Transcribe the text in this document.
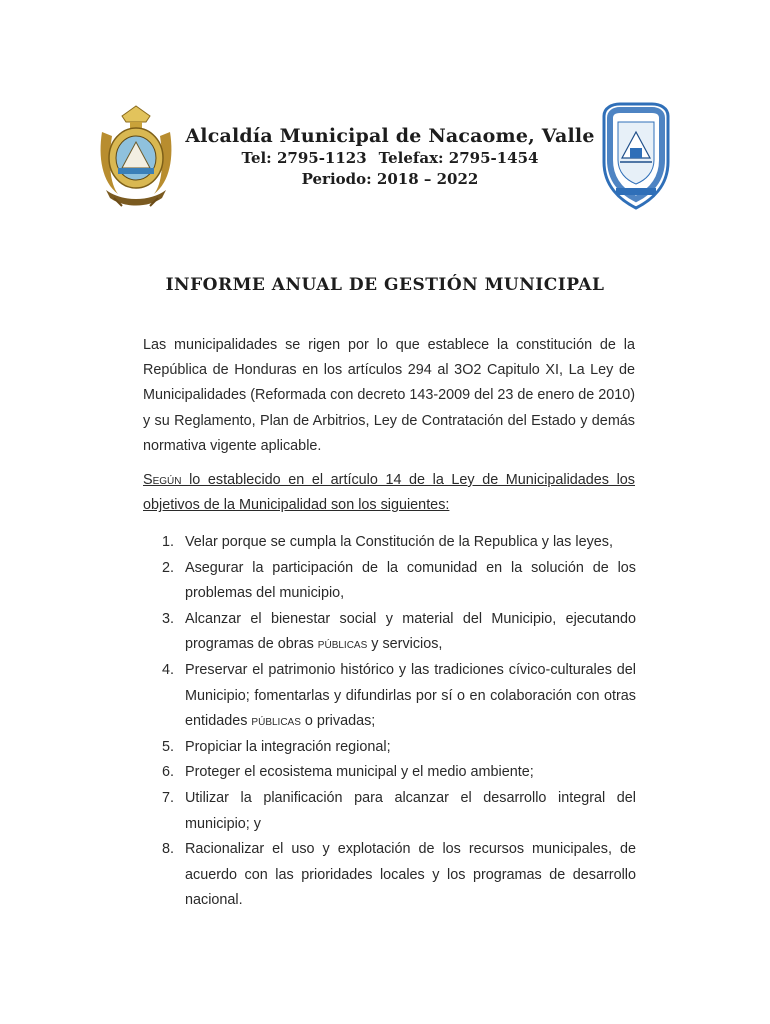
Alcaldía Municipal de Nacaome, Valle
Tel: 2795-1123 Telefax: 2795-1454
Periodo: 2018 – 2022
INFORME ANUAL DE GESTIÓN MUNICIPAL
Las municipalidades se rigen por lo que establece la constitución de la República de Honduras en los artículos 294 al 3O2 Capitulo XI, La Ley de Municipalidades (Reformada con decreto 143-2009 del 23 de enero de 2010) y su Reglamento, Plan de Arbitrios, Ley de Contratación del Estado y demás normativa vigente aplicable.
Según lo establecido en el artículo 14 de la Ley de Municipalidades los objetivos de la Municipalidad son los siguientes:
1. Velar porque se cumpla la Constitución de la Republica y las leyes,
2. Asegurar la participación de la comunidad en la solución de los problemas del municipio,
3. Alcanzar el bienestar social y material del Municipio, ejecutando programas de obras públicas y servicios,
4. Preservar el patrimonio histórico y las tradiciones cívico-culturales del Municipio; fomentarlas y difundirlas por sí o en colaboración con otras entidades públicas o privadas;
5. Propiciar la integración regional;
6. Proteger el ecosistema municipal y el medio ambiente;
7. Utilizar la planificación para alcanzar el desarrollo integral del municipio; y
8. Racionalizar el uso y explotación de los recursos municipales, de acuerdo con las prioridades locales y los programas de desarrollo nacional.
